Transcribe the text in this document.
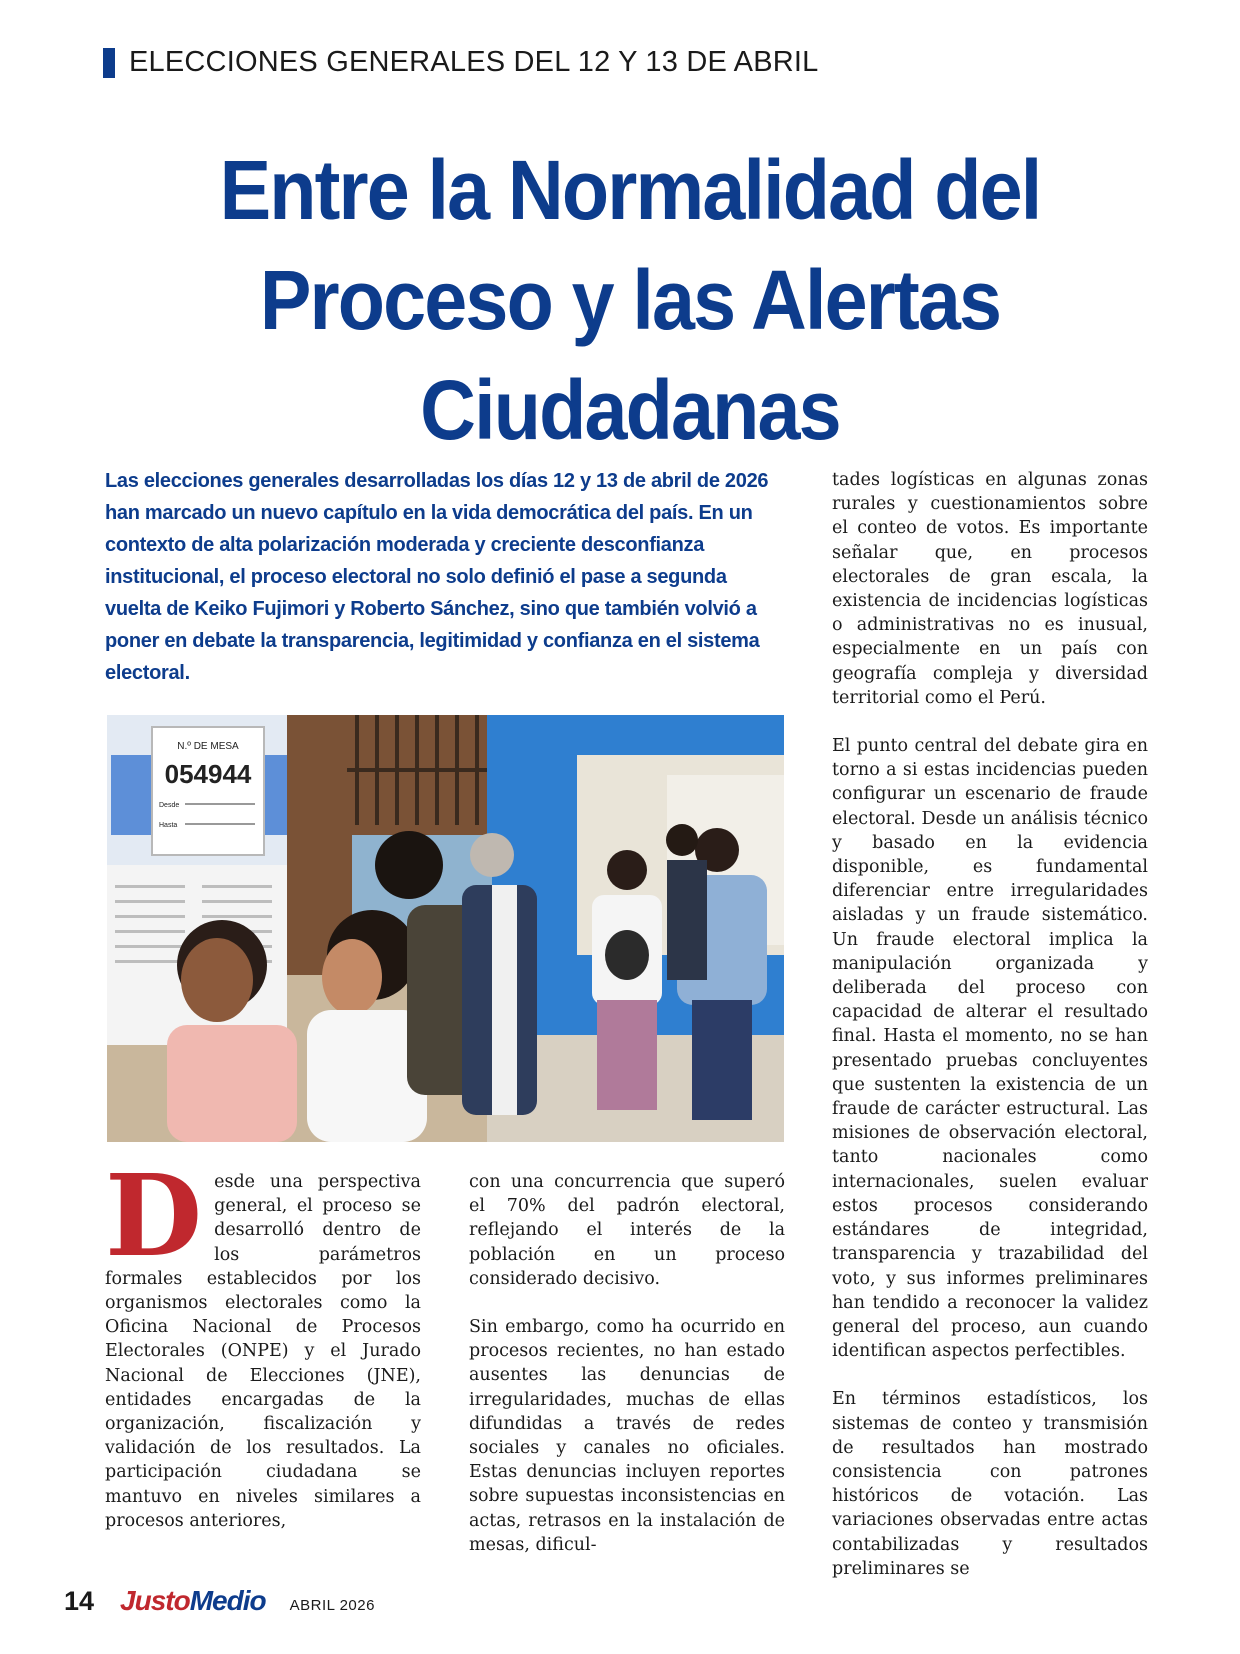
ELECCIONES GENERALES DEL 12 Y 13 DE ABRIL
Entre la Normalidad del Proceso y las Alertas Ciudadanas

Las elecciones generales desarrolladas los días 12 y 13 de abril de 2026 han marcado un nuevo capítulo en la vida democrática del país. En un contexto de alta polarización moderada y creciente desconfianza institucional, el proceso electoral no solo definió el pase a segunda vuelta de Keiko Fujimori y Roberto Sánchez, sino que también volvió a poner en debate la transparencia, legitimidad y confianza en el sistema electoral.

N.º DE MESA
054944
Desde
Hasta

Desde una perspectiva general, el proceso se desarrolló dentro de los parámetros formales establecidos por los organismos electorales como la Oficina Nacional de Procesos Electorales (ONPE) y el Jurado Nacional de Elecciones (JNE), entidades encargadas de la organización, fiscalización y validación de los resultados. La participación ciudadana se mantuvo en niveles similares a procesos anteriores,

con una concurrencia que superó el 70% del padrón electoral, reflejando el interés de la población en un proceso considerado decisivo.

Sin embargo, como ha ocurrido en procesos recientes, no han estado ausentes las denuncias de irregularidades, muchas de ellas difundidas a través de redes sociales y canales no oficiales. Estas denuncias incluyen reportes sobre supuestas inconsistencias en actas, retrasos en la instalación de mesas, dificul-

tades logísticas en algunas zonas rurales y cuestionamientos sobre el conteo de votos. Es importante señalar que, en procesos electorales de gran escala, la existencia de incidencias logísticas o administrativas no es inusual, especialmente en un país con geografía compleja y diversidad territorial como el Perú.

El punto central del debate gira en torno a si estas incidencias pueden configurar un escenario de fraude electoral. Desde un análisis técnico y basado en la evidencia disponible, es fundamental diferenciar entre irregularidades aisladas y un fraude sistemático. Un fraude electoral implica la manipulación organizada y deliberada del proceso con capacidad de alterar el resultado final. Hasta el momento, no se han presentado pruebas concluyentes que sustenten la existencia de un fraude de carácter estructural. Las misiones de observación electoral, tanto nacionales como internacionales, suelen evaluar estos procesos considerando estándares de integridad, transparencia y trazabilidad del voto, y sus informes preliminares han tendido a reconocer la validez general del proceso, aun cuando identifican aspectos perfectibles.

En términos estadísticos, los sistemas de conteo y transmisión de resultados han mostrado consistencia con patrones históricos de votación. Las variaciones observadas entre actas contabilizadas y resultados preliminares se

14 Justo Medio ABRIL 2026
